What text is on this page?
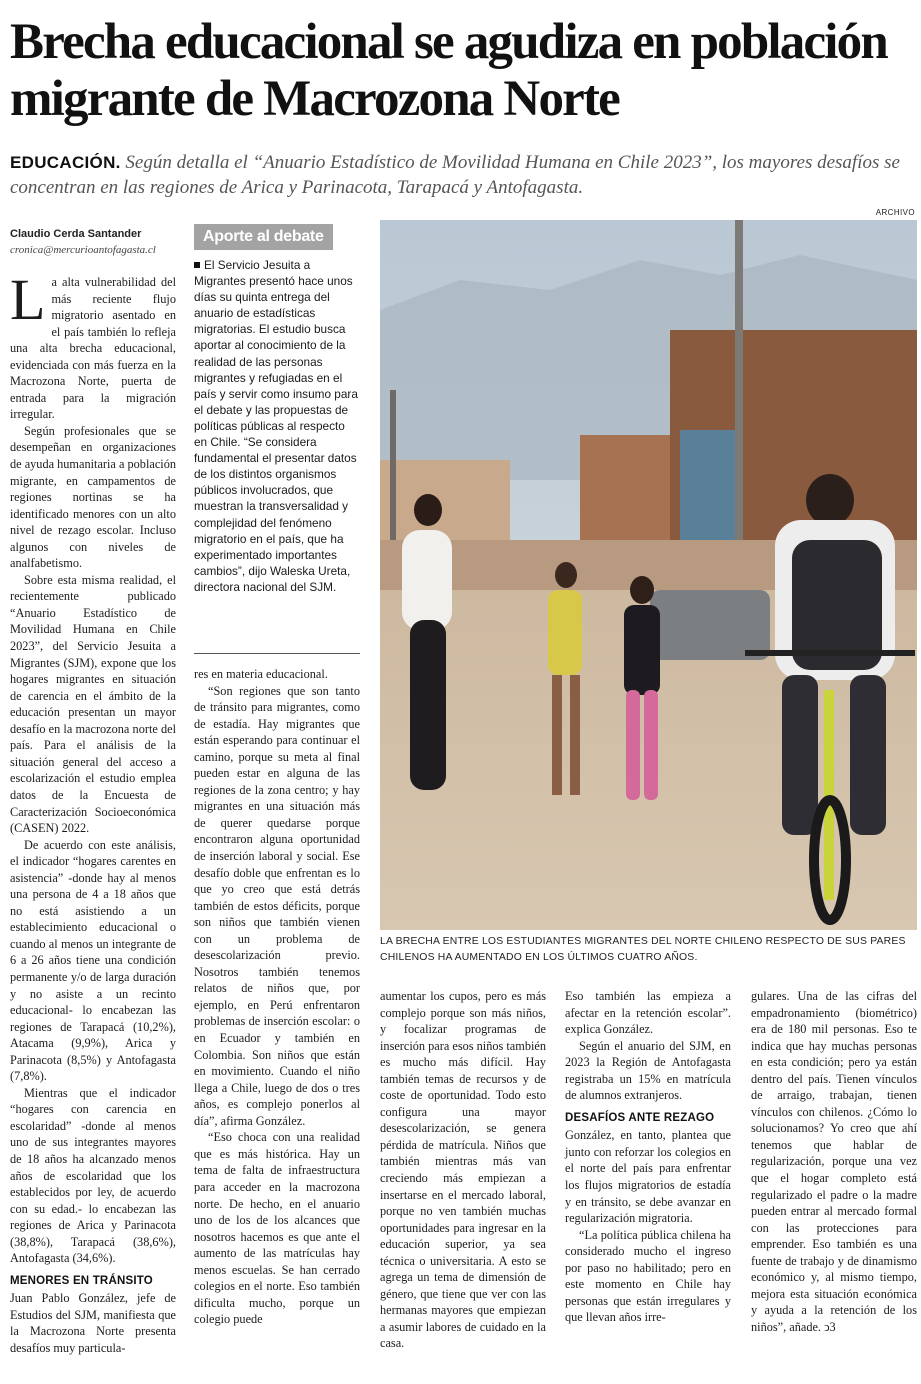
Brecha educacional se agudiza en población migrante de Macrozona Norte
EDUCACIÓN. Según detalla el “Anuario Estadístico de Movilidad Humana en Chile 2023”, los mayores desafíos se concentran en las regiones de Arica y Parinacota, Tarapacá y Antofagasta.
ARCHIVO
Claudio Cerda Santander
cronica@mercurioantofagasta.cl

La alta vulnerabilidad del más reciente flujo migratorio asentado en el país también lo refleja una alta brecha educacional, evidenciada con más fuerza en la Macrozona Norte, puerta de entrada para la migración irregular.

Según profesionales que se desempeñan en organizaciones de ayuda humanitaria a población migrante, en campamentos de regiones nortinas se ha identificado menores con un alto nivel de rezago escolar. Incluso algunos con niveles de analfabetismo.

Sobre esta misma realidad, el recientemente publicado “Anuario Estadístico de Movilidad Humana en Chile 2023”, del Servicio Jesuita a Migrantes (SJM), expone que los hogares migrantes en situación de carencia en el ámbito de la educación presentan un mayor desafío en la macrozona norte del país. Para el análisis de la situación general del acceso a escolarización el estudio emplea datos de la Encuesta de Caracterización Socioeconómica (CASEN) 2022.

De acuerdo con este análisis, el indicador “hogares carentes en asistencia” -donde hay al menos una persona de 4 a 18 años que no está asistiendo a un establecimiento educacional o cuando al menos un integrante de 6 a 26 años tiene una condición permanente y/o de larga duración y no asiste a un recinto educacional- lo encabezan las regiones de Tarapacá (10,2%), Atacama (9,9%), Arica y Parinacota (8,5%) y Antofagasta (7,8%).

Mientras que el indicador “hogares con carencia en escolaridad” -donde al menos uno de sus integrantes mayores de 18 años ha alcanzado menos años de escolaridad que los establecidos por ley, de acuerdo con su edad.- lo encabezan las regiones de Arica y Parinacota (38,8%), Tarapacá (38,6%), Antofagasta (34,6%).

MENORES EN TRÁNSITO

Juan Pablo González, jefe de Estudios del SJM, manifiesta que la Macrozona Norte presenta desafíos muy particula-

Aporte al debate
El Servicio Jesuita a Migrantes presentó hace unos días su quinta entrega del anuario de estadísticas migratorias. El estudio busca aportar al conocimiento de la realidad de las personas migrantes y refugiadas en el país y servir como insumo para el debate y las propuestas de políticas públicas al respecto en Chile. “Se considera fundamental el presentar datos de los distintos organismos públicos involucrados, que muestran la transversalidad y complejidad del fenómeno migratorio en el país, que ha experimentado importantes cambios”, dijo Waleska Ureta, directora nacional del SJM.

res en materia educacional.

“Son regiones que son tanto de tránsito para migrantes, como de estadía. Hay migrantes que están esperando para continuar el camino, porque su meta al final pueden estar en alguna de las regiones de la zona centro; y hay migrantes en una situación más de querer quedarse porque encontraron alguna oportunidad de inserción laboral y social. Ese desafío doble que enfrentan es lo que yo creo que está detrás también de estos déficits, porque son niños que también vienen con un problema de desescolarización previo. Nosotros también tenemos relatos de niños que, por ejemplo, en Perú enfrentaron problemas de inserción escolar: o en Ecuador y también en Colombia. Son niños que están en movimiento. Cuando el niño llega a Chile, luego de dos o tres años, es complejo ponerlos al día”, afirma González.

“Eso choca con una realidad que es más histórica. Hay un tema de falta de infraestructura para acceder en la macrozona norte. De hecho, en el anuario uno de los de los alcances que nosotros hacemos es que ante el aumento de las matrículas hay menos escuelas. Se han cerrado colegios en el norte. Eso también dificulta mucho, porque un colegio puede

LA BRECHA ENTRE LOS ESTUDIANTES MIGRANTES DEL NORTE CHILENO RESPECTO DE SUS PARES CHILENOS HA AUMENTADO EN LOS ÚLTIMOS CUATRO AÑOS.

aumentar los cupos, pero es más complejo porque son más niños, y focalizar programas de inserción para esos niños también es mucho más difícil. Hay también temas de recursos y de coste de oportunidad. Todo esto configura una mayor desescolarización, se genera pérdida de matrícula. Niños que también mientras más van creciendo más empiezan a insertarse en el mercado laboral, porque no ven también muchas oportunidades para ingresar en la educación superior, ya sea técnica o universitaria. A esto se agrega un tema de dimensión de género, que tiene que ver con las hermanas mayores que empiezan a asumir labores de cuidado en la casa.

Eso también las empieza a afectar en la retención escolar”. explica González.

Según el anuario del SJM, en 2023 la Región de Antofagasta registraba un 15% en matrícula de alumnos extranjeros.

DESAFÍOS ANTE REZAGO

González, en tanto, plantea que junto con reforzar los colegios en el norte del país para enfrentar los flujos migratorios de estadía y en tránsito, se debe avanzar en regularización migratoria.

“La política pública chilena ha considerado mucho el ingreso por paso no habilitado; pero en este momento en Chile hay personas que están irregulares y que llevan años irre-

gulares. Una de las cifras del empadronamiento (biométrico) era de 180 mil personas. Eso te indica que hay muchas personas en esta condición; pero ya están dentro del país. Tienen vínculos de arraigo, trabajan, tienen vínculos con chilenos. ¿Cómo lo solucionamos? Yo creo que ahí tenemos que hablar de regularización, porque una vez que el hogar completo está regularizado el padre o la madre pueden entrar al mercado formal con las protecciones para emprender. Eso también es una fuente de trabajo y de dinamismo económico y, al mismo tiempo, mejora esta situación económica y ayuda a la retención de los niños”, añade. ↄ3
